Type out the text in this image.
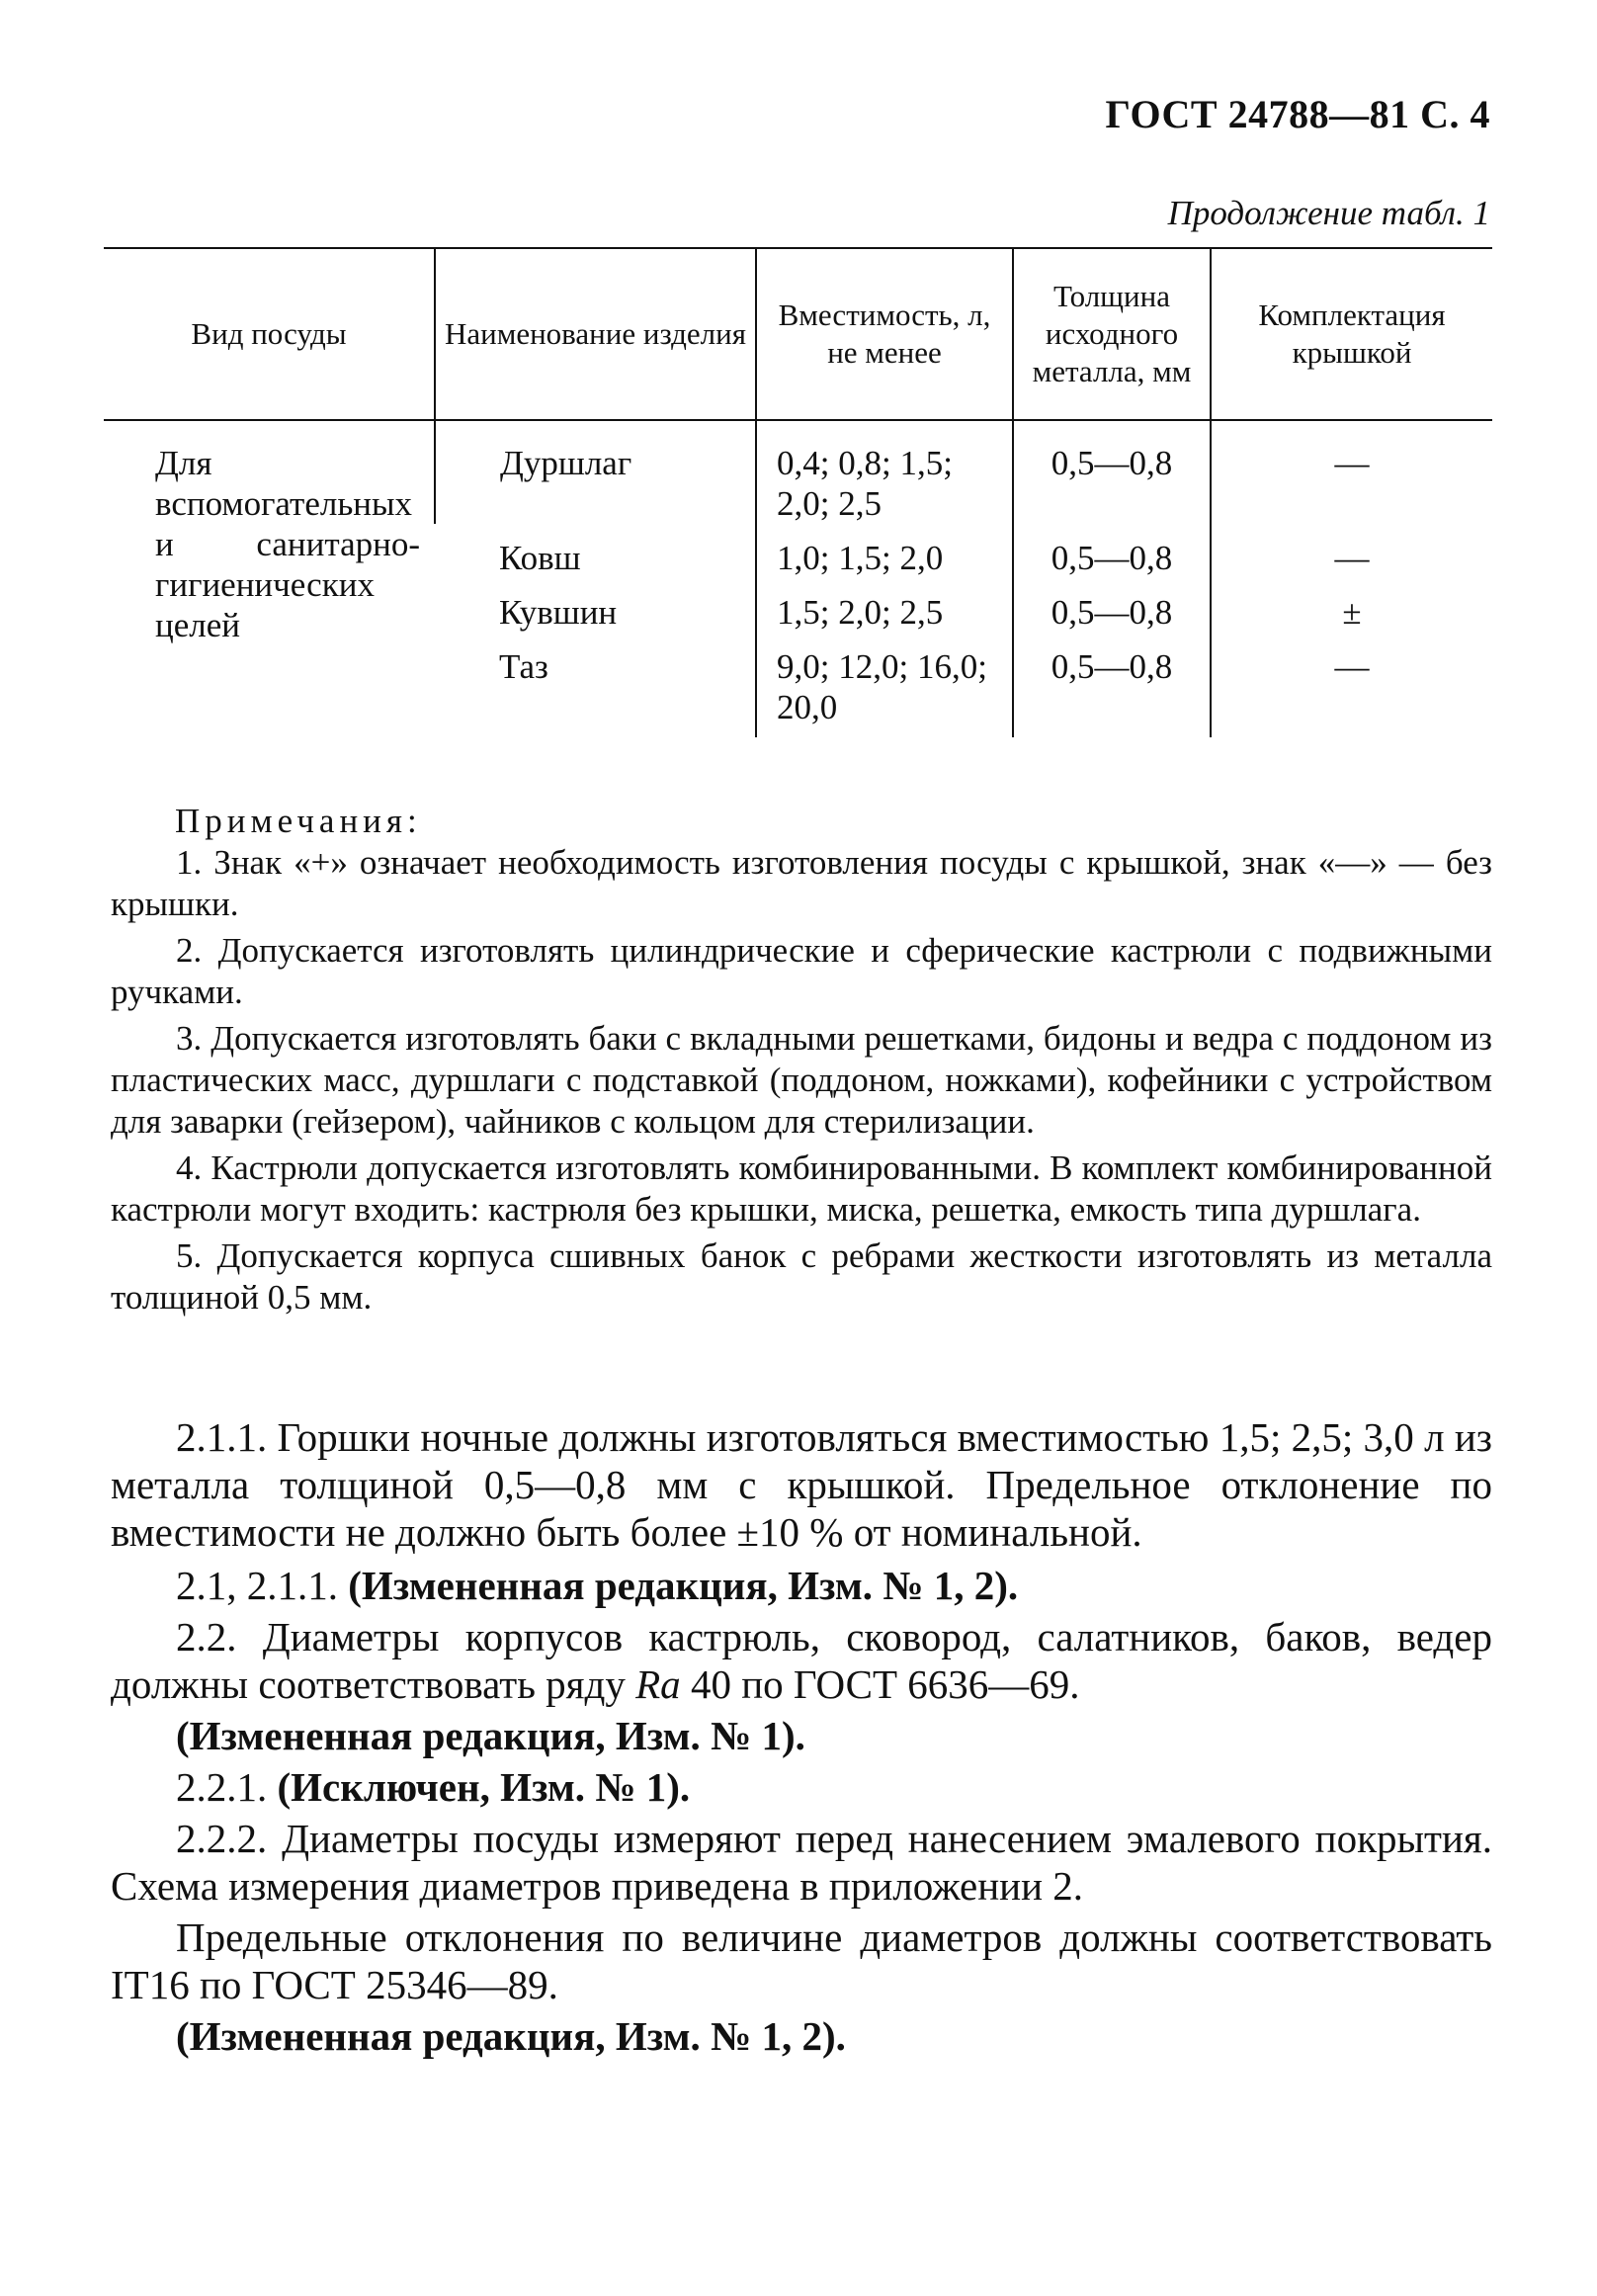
ГОСТ 24788—81 С. 4
Продолжение табл. 1
Вид посуды	Наименование изделия	Вместимость, л, не менее	Толщина исходного металла, мм	Комплектация крышкой
Для вспомогательных и санитарно-гигиенических целей	Дуршлаг	0,4; 0,8; 1,5; 2,0; 2,5	0,5—0,8	—
	Ковш	1,0; 1,5; 2,0	0,5—0,8	—
	Кувшин	1,5; 2,0; 2,5	0,5—0,8	±
	Таз	9,0; 12,0; 16,0; 20,0	0,5—0,8	—
Примечания:

1. Знак «+» означает необходимость изготовления посуды с крышкой, знак «—» — без крышки.

2. Допускается изготовлять цилиндрические и сферические кастрюли с подвижными ручками.

3. Допускается изготовлять баки с вкладными решетками, бидоны и ведра с поддоном из пластических масс, дуршлаги с подставкой (поддоном, ножками), кофейники с устройством для заварки (гейзером), чайников с кольцом для стерилизации.

4. Кастрюли допускается изготовлять комбинированными. В комплект комбинированной кастрюли могут входить: кастрюля без крышки, миска, решетка, емкость типа дуршлага.

5. Допускается корпуса сшивных банок с ребрами жесткости изготовлять из металла толщиной 0,5 мм.

2.1.1. Горшки ночные должны изготовляться вместимостью 1,5; 2,5; 3,0 л из металла толщиной 0,5—0,8 мм с крышкой. Предельное отклонение по вместимости не должно быть более ±10 % от номинальной.

2.1, 2.1.1. (Измененная редакция, Изм. № 1, 2).

2.2. Диаметры корпусов кастрюль, сковород, салатников, баков, ведер должны соответствовать ряду Ra 40 по ГОСТ 6636—69.

(Измененная редакция, Изм. № 1).

2.2.1. (Исключен, Изм. № 1).

2.2.2. Диаметры посуды измеряют перед нанесением эмалевого покрытия. Схема измерения диаметров приведена в приложении 2.

Предельные отклонения по величине диаметров должны соответствовать IT16 по ГОСТ 25346—89.

(Измененная редакция, Изм. № 1, 2).
